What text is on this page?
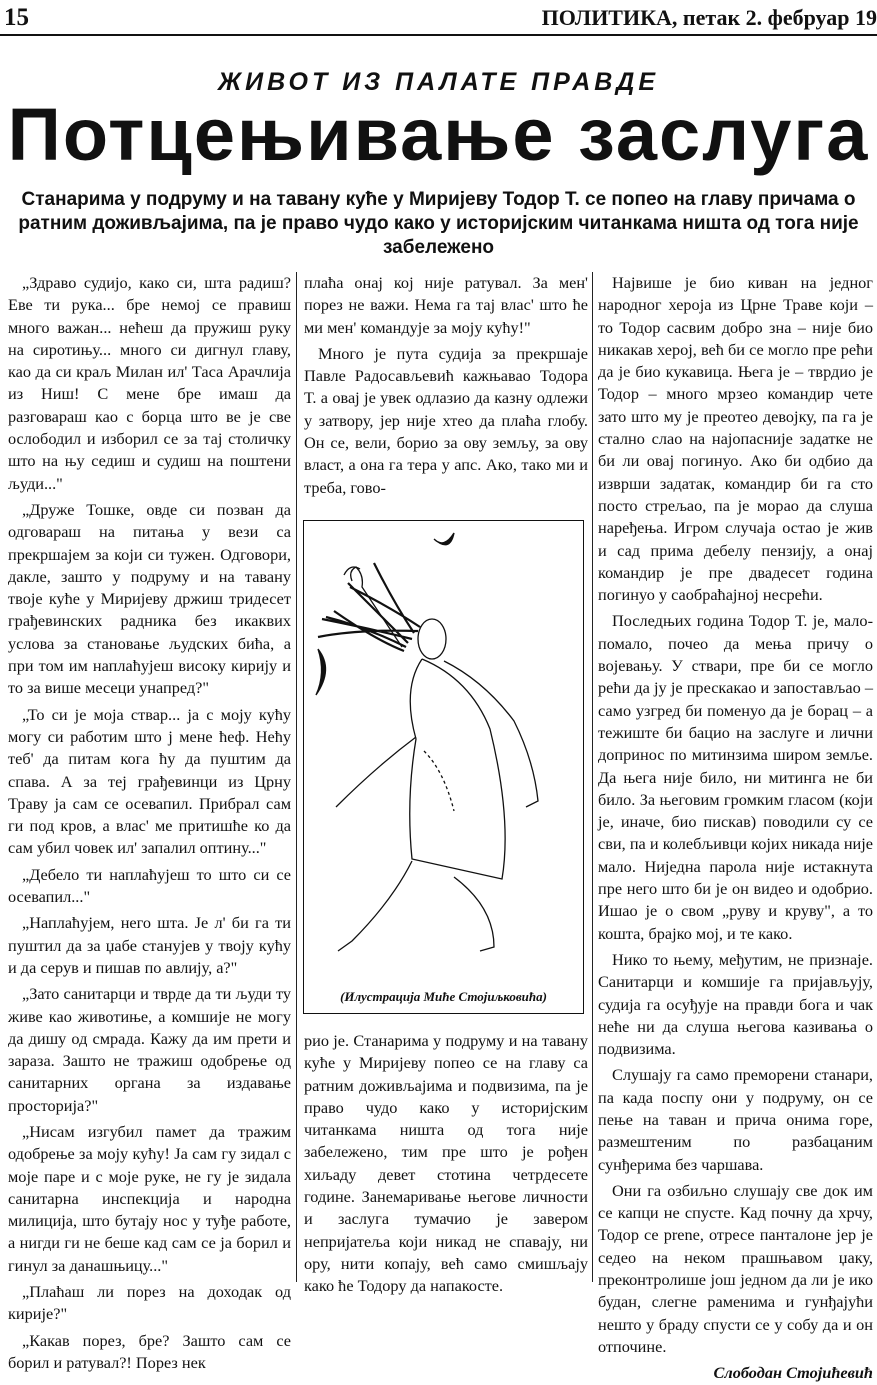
15	ПОЛИТИКА, петак 2. фебруар 19
ЖИВОТ ИЗ ПАЛАТЕ ПРАВДЕ
Потцењивање заслуга
Станарима у подруму и на тавану куће у Миријеву Тодор Т. се попео на главу причама о ратним доживљајима, па је право чудо како у историјским читанкама ништа од тога није забележено

„Здраво судијо, како си, шта радиш? Еве ти рука... бре немој се правиш много важан... нећеш да пружиш руку на сиротињу... много си дигнул главу, као да си краљ Милан ил' Таса Арачлија из Ниш! С мене бре имаш да разговараш као с борца што ве је све ослободил и изборил се за тај столичку што на њу седиш и судиш на поштени људи..."

„Друже Тошке, овде си позван да одговараш на питања у вези са прекршајем за који си тужен. Одговори, дакле, зашто у подруму и на тавану твоје куће у Миријеву држиш тридесет грађевинских радника без икаквих услова за становање људских бића, а при том им наплаћујеш високу кирију и то за више месеци унапред?"

„То си је моја ствар... ја с мојy кућу могу си работим што ј мене ћеф. Нећу теб' да питам кога ћу да пуштим да спава. А за теј грађевинци из Црну Траву ја сам се осевапил. Прибрал сам ги под кров, а влас' ме притишће ко да сам убил човек ил' запалил оптину..."

„Дебело ти наплаћујеш то што си се осевапил..."

„Наплаћујем, него шта. Је л' би га ти пуштил да за џабе станујев у твоју кућу и да серув и пишав по авлију, а?"

„Зато санитарци и тврде да ти људи ту живе као животиње, а комшије не могу да дишу од смрада. Кажу да им прети и зараза. Зашто не тражиш одобрење од санитарних органа за издавање просторија?"

„Нисам изгубил памет да тражим одобрење за мојy кућу! Ја сам гу зидал с моје паре и с моје руке, не гу је зидала санитарна инспекција и народна милиција, што бутају нос у туђе работе, а нигди ги не беше кад сам се ја борил и гинул за данашњицу..."

„Плаћаш ли порез на доходак од кирије?"

„Какав порез, бре? Зашто сам се борил и ратувал?! Порез нек

плаћа онај кој није ратувал. За мен' порез не важи. Нема га тај влас' што ће ми мен' командује за мојy кућу!"

Много је пута судија за прекршаје Павле Радосављевић кажњавао Тодора Т. а овај је увек одлазио да казну одлежи у затвору, јер није хтео да плаћа глобу. Он се, вели, борио за ову земљу, за ову власт, а она га тера у апс. Ако, тако ми и треба, гово-

(Илустрација Миће Стојиљковића)

рио је. Станарима у подруму и на тавану куће у Миријеву попео се на главу са ратним доживљајима и подвизима, па је право чудо како у историјским читанкама ништа од тога није забележено, тим пре што је рођен хиљаду девет стотина четрдесете године. Занемаривање његове личности и заслуга тумачио је завером непријатеља који никад не спавају, ни ору, нити копају, већ само смишљају како ће Тодору да напакосте.

Највише је био киван на једног народног хероја из Црне Траве који – то Тодор сасвим добро зна – није био никакав херој, већ би се могло пре рећи да је био кукавица. Њега је – тврдио је Тодор – много мрзео командир чете зато што му је преотео девојку, па га је стално слао на најопасније задатке не би ли овај погинуо. Ако би одбио да изврши задатак, командир би га сто посто стрељао, па је морао да слуша наређења. Игром случаја остао је жив и сад прима дебелу пензију, а онај командир је пре двадесет година погинуо у саобраћајној несрећи.

Последњих година Тодор Т. је, мало-помало, почео да мења причу о војевању. У ствари, пре би се могло рећи да ју је прескакао и запостављао – само узгред би поменуо да је борац – а тежиште би бацио на заслуге и лични допринос по митинзима широм земље. Да њега није било, ни митинга не би било. За његовим громким гласом (који је, иначе, био пискав) поводили су се сви, па и колебљивци којих никада није мало. Ниједна парола није истакнута пре него што би је он видео и одобрио. Ишао је о свом „руву и круву", а то кошта, брајко мој, и те како.

Нико то њему, међутим, не признаје. Санитарци и комшије га пријављују, судија га осуђује на правди бога и чак неће ни да слуша његова казивања о подвизима.

Слушају га само преморени станари, па када поспу они у подруму, он се пење на таван и прича онима горе, размештеним по разбацаним сунђерима без чаршава.

Они га озбиљно слушају све док им се капци не спусте. Кад почну да хрчу, Тодор се prene, отресе панталоне јер је седео на неком прашњавом џаку, преконтролише још једном да ли је ико будан, слегне раменима и гунђајући нешто у браду спусти се у собу да и он отпочине.

Слободан Стојићевић
